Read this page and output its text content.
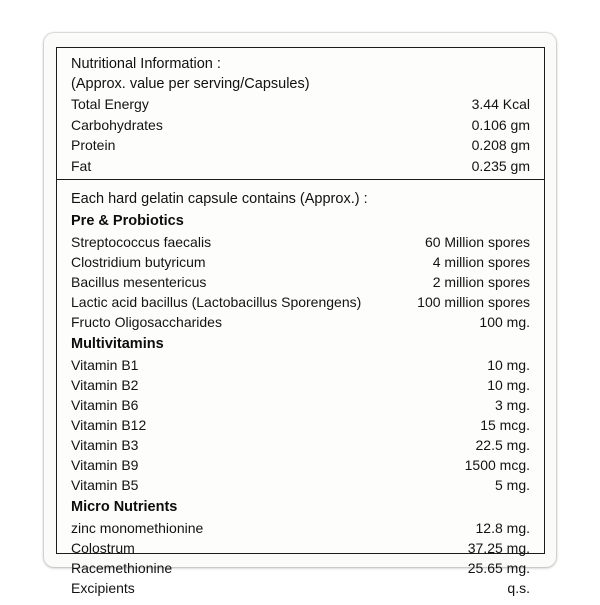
Nutritional Information :
(Approx. value per serving/Capsules)
Total Energy	3.44 Kcal
Carbohydrates	0.106 gm
Protein	0.208 gm
Fat	0.235 gm
Each hard gelatin capsule contains (Approx.) :
Pre & Probiotics
Streptococcus faecalis	60 Million spores
Clostridium butyricum	4 million spores
Bacillus mesentericus	2 million spores
Lactic acid bacillus (Lactobacillus Sporengens)	100 million spores
Fructo Oligosaccharides	100 mg.
Multivitamins
Vitamin B1	10 mg.
Vitamin B2	10 mg.
Vitamin B6	3 mg.
Vitamin B12	15 mcg.
Vitamin B3	22.5 mg.
Vitamin B9	1500 mcg.
Vitamin B5	5 mg.
Micro Nutrients
zinc monomethionine	12.8 mg.
Colostrum	37.25 mg.
Racemethionine	25.65 mg.
Excipients	q.s.
